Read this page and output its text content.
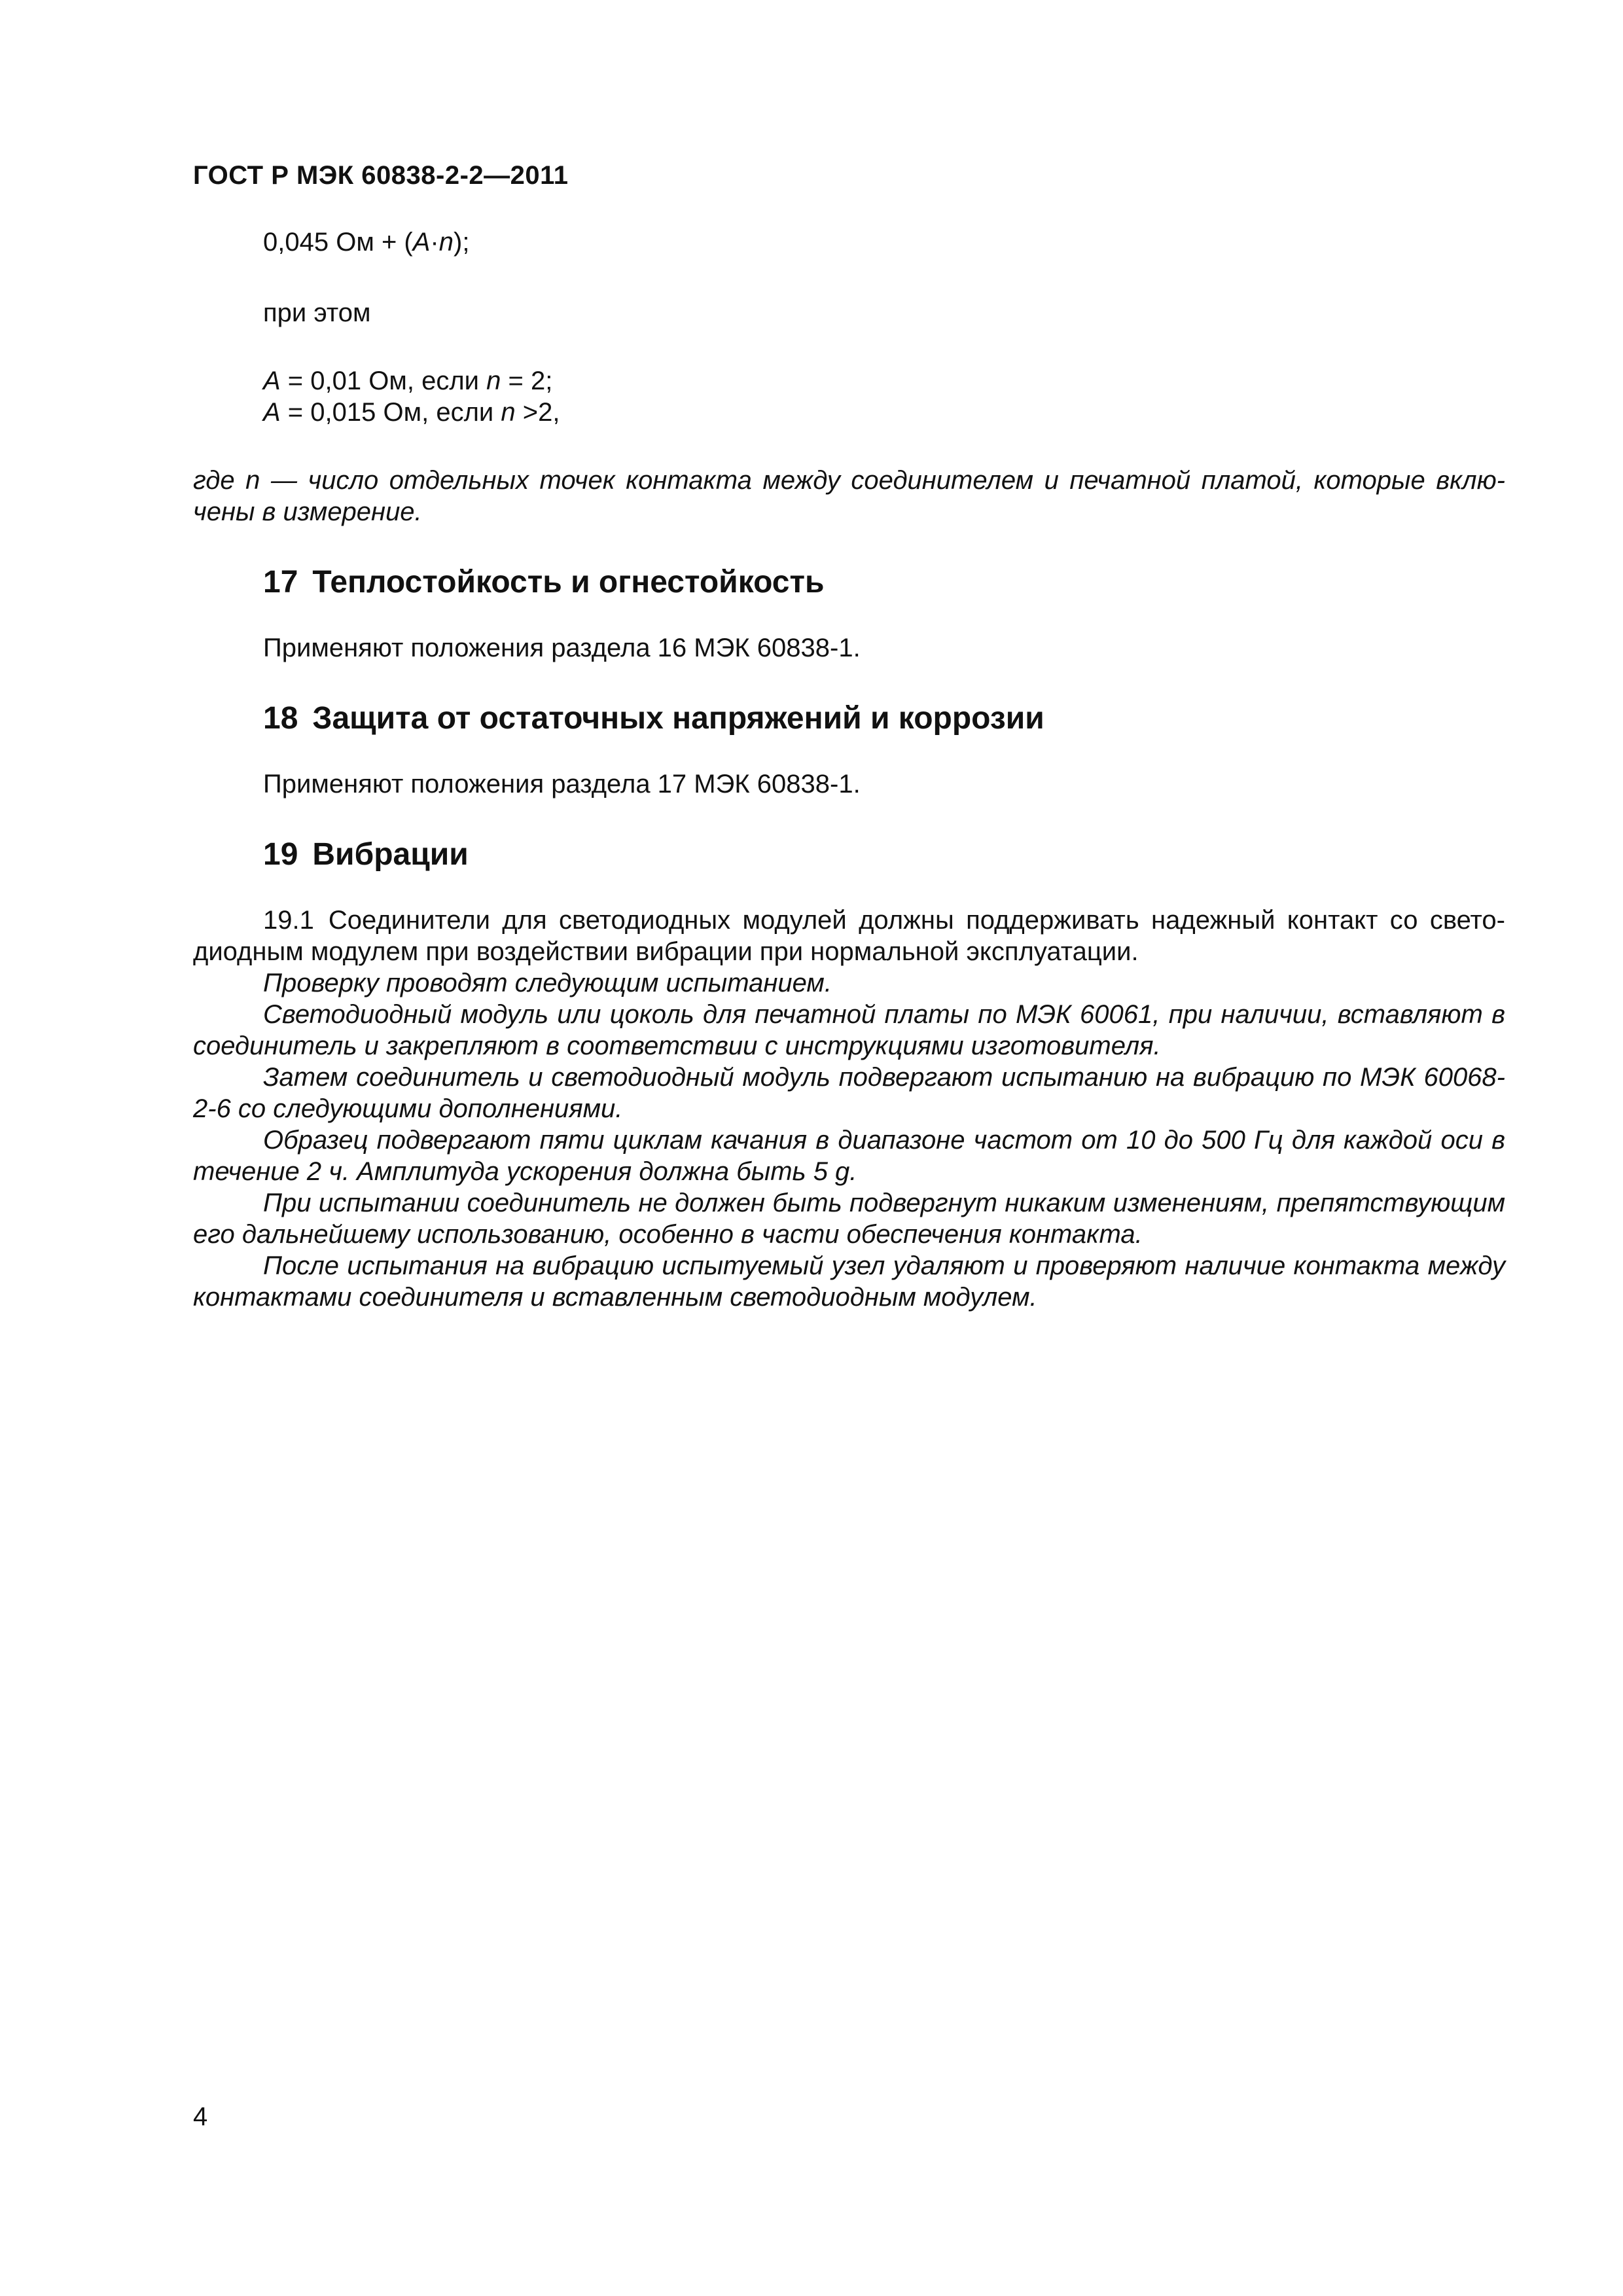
ГОСТ Р МЭК 60838-2-2—2011

0,045 Ом + (A·n);

при этом

A = 0,01 Ом, если n = 2;

A = 0,015 Ом, если n >2,

где n — число отдельных точек контакта между соединителем и печатной платой, которые включены в измерение.

17 Теплостойкость и огнестойкость

Применяют положения раздела 16 МЭК 60838-1.

18 Защита от остаточных напряжений и коррозии

Применяют положения раздела 17 МЭК 60838-1.

19 Вибрации

19.1 Соединители для светодиодных модулей должны поддерживать надежный контакт со светодиодным модулем при воздействии вибрации при нормальной эксплуатации.

Проверку проводят следующим испытанием.

Светодиодный модуль или цоколь для печатной платы по МЭК 60061, при наличии, вставляют в соединитель и закрепляют в соответствии с инструкциями изготовителя.

Затем соединитель и светодиодный модуль подвергают испытанию на вибрацию по МЭК 60068-2-6 со следующими дополнениями.

Образец подвергают пяти циклам качания в диапазоне частот от 10 до 500 Гц для каждой оси в течение 2 ч. Амплитуда ускорения должна быть 5 g.

При испытании соединитель не должен быть подвергнут никаким изменениям, препятствующим его дальнейшему использованию, особенно в части обеспечения контакта.

После испытания на вибрацию испытуемый узел удаляют и проверяют наличие контакта между контактами соединителя и вставленным светодиодным модулем.

4
